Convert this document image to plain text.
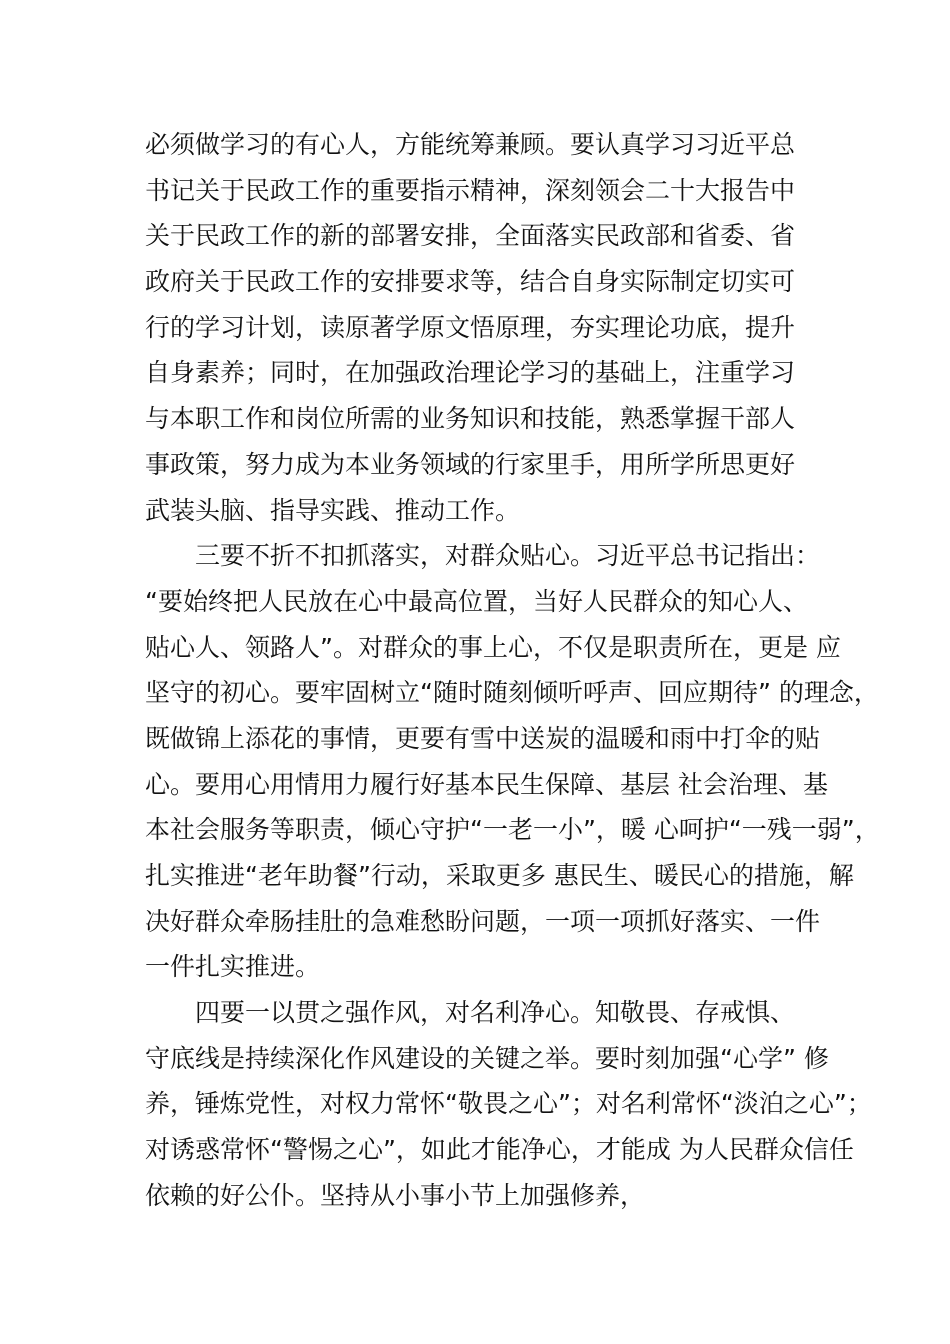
必须做学习的有心人，方能统筹兼顾。要认真学习习近平总
书记关于民政工作的重要指示精神，深刻领会二十大报告中
关于民政工作的新的部署安排，全面落实民政部和省委、省
政府关于民政工作的安排要求等，结合自身实际制定切实可
行的学习计划，读原著学原文悟原理，夯实理论功底，提升
自身素养；同时，在加强政治理论学习的基础上，注重学习
与本职工作和岗位所需的业务知识和技能，熟悉掌握干部人
事政策，努力成为本业务领域的行家里手，用所学所思更好
武装头脑、指导实践、推动工作。
　　三要不折不扣抓落实，对群众贴心。习近平总书记指出：
“要始终把人民放在心中最高位置，当好人民群众的知心人、
贴心人、领路人”。对群众的事上心，不仅是职责所在，更是 应
坚守的初心。要牢固树立“随时随刻倾听呼声、回应期待” 的理念，
既做锦上添花的事情，更要有雪中送炭的温暖和雨中打伞的贴
心。要用心用情用力履行好基本民生保障、基层 社会治理、基
本社会服务等职责，倾心守护“一老一小”，暖 心呵护“一残一弱”，
扎实推进“老年助餐”行动，采取更多 惠民生、暖民心的措施，解
决好群众牵肠挂肚的急难愁盼问题，一项一项抓好落实、一件
一件扎实推进。
　　四要一以贯之强作风，对名利净心。知敬畏、存戒惧、
守底线是持续深化作风建设的关键之举。要时刻加强“心学” 修
养，锤炼党性，对权力常怀“敬畏之心”；对名利常怀“淡泊之心”；
对诱惑常怀“警惕之心”，如此才能净心，才能成 为人民群众信任
依赖的好公仆。坚持从小事小节上加强修养，
